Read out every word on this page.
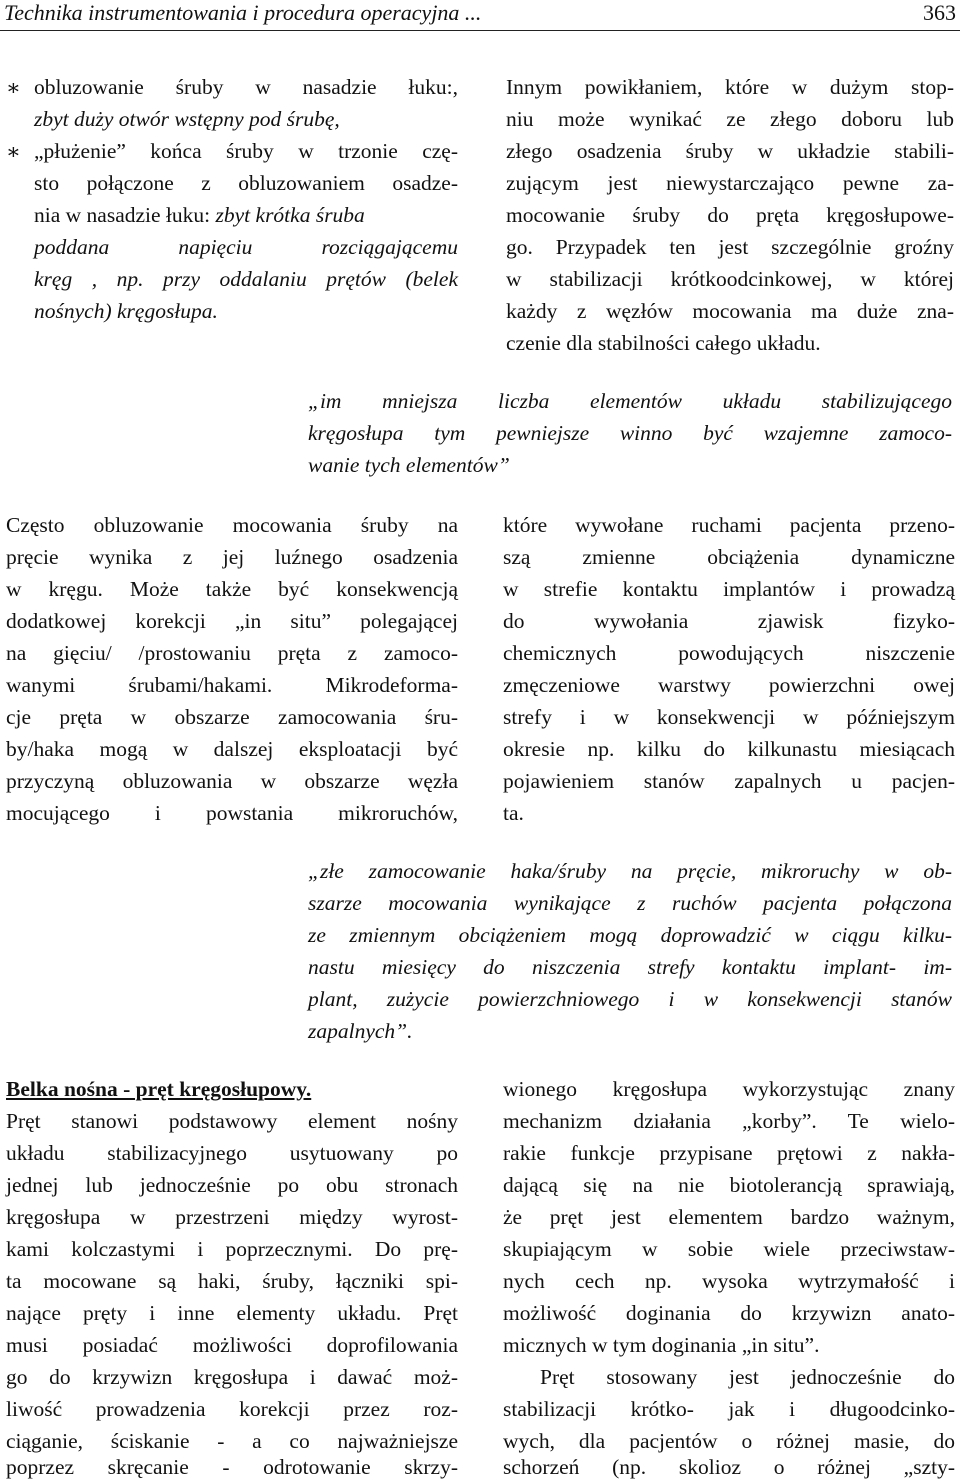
Technika instrumentowania i procedura operacyjna ...	363
∗
∗
obluzowanie śruby w nasadzie łuku:,
zbyt duży otwór wstępny pod śrubę,
„płużenie” końca śruby w trzonie czę-
sto połączone z obluzowaniem osadze-
nia w nasadzie łuku: zbyt krótka śruba
poddana napięciu rozciągającemu
kręg , np. przy oddalaniu prętów (belek
nośnych) kręgosłupa.
Innym powikłaniem, które w dużym stop-
niu może wynikać ze złego doboru lub
złego osadzenia śruby w układzie stabili-
zującym jest niewystarczająco pewne za-
mocowanie śruby do pręta kręgosłupowe-
go. Przypadek ten jest szczególnie groźny
w stabilizacji krótkoodcinkowej, w której
każdy z węzłów mocowania ma duże zna-
czenie dla stabilności całego układu.
„im mniejsza liczba elementów układu stabilizującego
kręgosłupa tym pewniejsze winno być wzajemne zamoco-
wanie tych elementów”
Często obluzowanie mocowania śruby na
pręcie wynika z jej luźnego osadzenia
w kręgu. Może także być konsekwencją
dodatkowej korekcji „in situ” polegającej
na gięciu/ /prostowaniu pręta z zamoco-
wanymi śrubami/hakami. Mikrodeforma-
cje pręta w obszarze zamocowania śru-
by/haka mogą w dalszej eksploatacji być
przyczyną obluzowania w obszarze węzła
mocującego i powstania mikroruchów,
które wywołane ruchami pacjenta przeno-
szą zmienne obciążenia dynamiczne
w strefie kontaktu implantów i prowadzą
do wywołania zjawisk fizyko-
chemicznych powodujących niszczenie
zmęczeniowe warstwy powierzchni owej
strefy i w konsekwencji w późniejszym
okresie np. kilku do kilkunastu miesiącach
pojawieniem stanów zapalnych u pacjen-
ta.
„złe zamocowanie haka/śruby na pręcie, mikroruchy w ob-
szarze mocowania wynikające z ruchów pacjenta połączona
ze zmiennym obciążeniem mogą doprowadzić w ciągu kilku-
nastu miesięcy do niszczenia strefy kontaktu implant- im-
plant, zużycie powierzchniowego i w konsekwencji stanów
zapalnych”.
Belka nośna - pręt kręgosłupowy.
Pręt stanowi podstawowy element nośny
układu stabilizacyjnego usytuowany po
jednej lub jednocześnie po obu stronach
kręgosłupa w przestrzeni między wyrost-
kami kolczastymi i poprzecznymi. Do prę-
ta mocowane są haki, śruby, łączniki spi-
nające pręty i inne elementy układu. Pręt
musi posiadać możliwości doprofilowania
go do krzywizn kręgosłupa i dawać moż-
liwość prowadzenia korekcji przez roz-
ciąganie, ściskanie - a co najważniejsze
poprzez skręcanie - odrotowanie skrzy-
wionego kręgosłupa wykorzystując znany
mechanizm działania „korby”. Te wielo-
rakie funkcje przypisane prętowi z nakła-
dającą się na nie biotolerancją sprawiają,
że pręt jest elementem bardzo ważnym,
skupiającym w sobie wiele przeciwstaw-
nych cech np. wysoka wytrzymałość i
możliwość doginania do krzywizn anato-
micznych w tym doginania „in situ”.
Pręt stosowany jest jednocześnie do
stabilizacji krótko- jak i długoodcinko-
wych, dla pacjentów o różnej masie, do
schorzeń (np. skolioz o różnej „szty-
